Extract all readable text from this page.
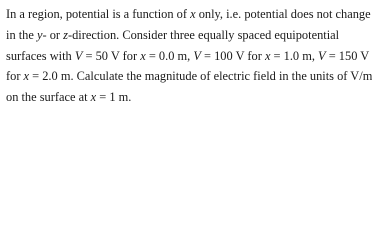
In a region, potential is a function of x only, i.e. potential does not change
in the y- or z-direction. Consider three equally spaced equipotential
surfaces with V = 50 V for x = 0.0 m, V = 100 V for x = 1.0 m, V = 150 V
for x = 2.0 m. Calculate the magnitude of electric field in the units of V/m
on the surface at x = 1 m.
